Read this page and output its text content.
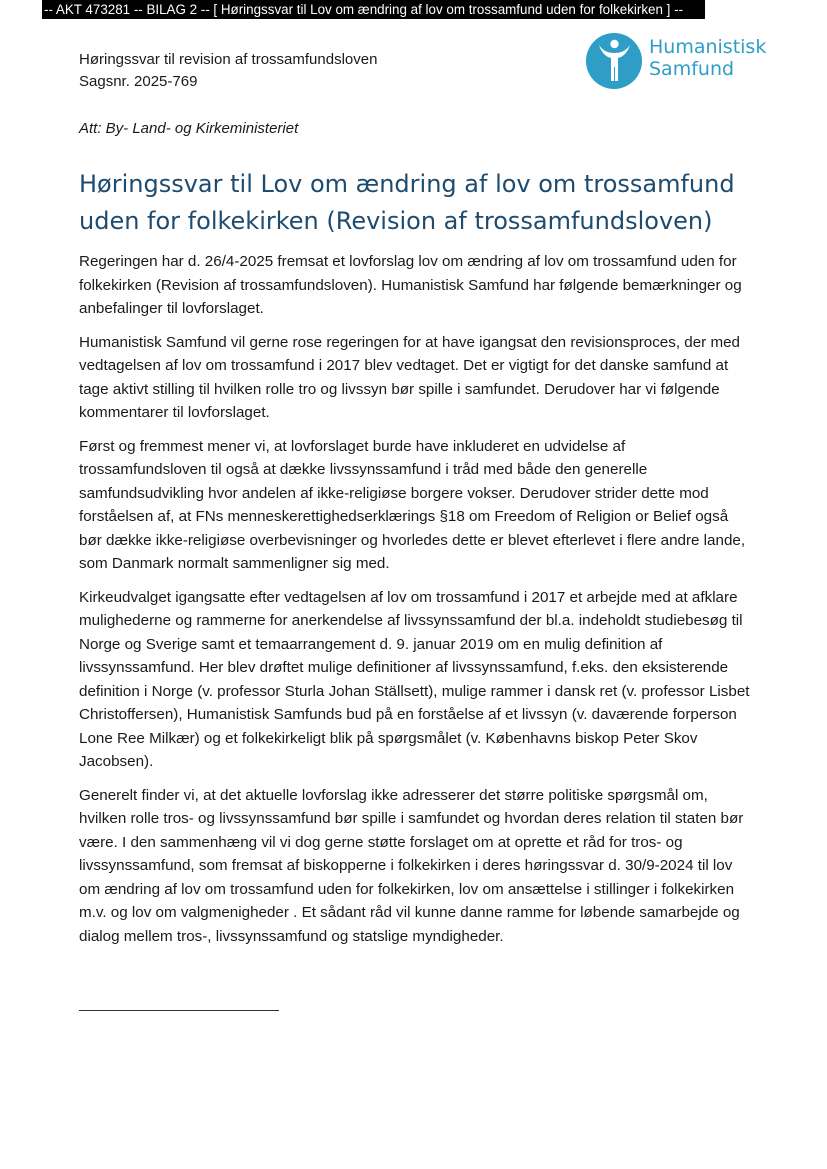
-- AKT 473281 -- BILAG 2 -- [ Høringssvar til Lov om ændring af lov om trossamfund uden for folkekirken ] --
Høringssvar til revision af trossamfundsloven
Sagsnr. 2025-769
Humanistisk
Samfund
Att: By- Land- og Kirkeministeriet
Høringssvar til Lov om ændring af lov om trossamfund uden for folkekirken (Revision af trossamfundsloven)

Regeringen har d. 26/4-2025 fremsat et lovforslag lov om ændring af lov om trossamfund uden for folkekirken (Revision af trossamfundsloven). Humanistisk Samfund har følgende bemærkninger og anbefalinger til lovforslaget.

Humanistisk Samfund vil gerne rose regeringen for at have igangsat den revisionsproces, der med vedtagelsen af lov om trossamfund i 2017 blev vedtaget. Det er vigtigt for det danske samfund at tage aktivt stilling til hvilken rolle tro og livssyn bør spille i samfundet. Derudover har vi følgende kommentarer til lovforslaget.

Først og fremmest mener vi, at lovforslaget burde have inkluderet en udvidelse af trossamfundsloven til også at dække livssynssamfund i tråd med både den generelle samfundsudvikling hvor andelen af ikke-religiøse borgere vokser. Derudover strider dette mod forståelsen af, at FNs menneskerettighedserklærings §18 om Freedom of Religion or Belief også bør dække ikke-religiøse overbevisninger og hvorledes dette er blevet efterlevet i flere andre lande, som Danmark normalt sammenligner sig med.

Kirkeudvalget igangsatte efter vedtagelsen af lov om trossamfund i 2017 et arbejde med at afklare mulighederne og rammerne for anerkendelse af livssynssamfund der bl.a. indeholdt studiebesøg til Norge og Sverige samt et temaarrangement d. 9. januar 2019 om en mulig definition af livssynssamfund. Her blev drøftet mulige definitioner af livssynssamfund, f.eks. den eksisterende definition i Norge (v. professor Sturla Johan Ställsett), mulige rammer i dansk ret (v. professor Lisbet Christoffersen), Humanistisk Samfunds bud på en forståelse af et livssyn (v. daværende forperson Lone Ree Milkær) og et folkekirkeligt blik på spørgsmålet (v. Københavns biskop Peter Skov Jacobsen).

Generelt finder vi, at det aktuelle lovforslag ikke adresserer det større politiske spørgsmål om, hvilken rolle tros- og livssynssamfund bør spille i samfundet og hvordan deres relation til staten bør være. I den sammenhæng vil vi dog gerne støtte forslaget om at oprette et råd for tros- og livssynssamfund, som fremsat af biskopperne i folkekirken i deres høringssvar d. 30/9-2024 til lov om ændring af lov om trossamfund uden for folkekirken, lov om ansættelse i stillinger i folkekirken m.v. og lov om valgmenigheder . Et sådant råd vil kunne danne ramme for løbende samarbejde og dialog mellem tros-, livssynssamfund og statslige myndigheder.
